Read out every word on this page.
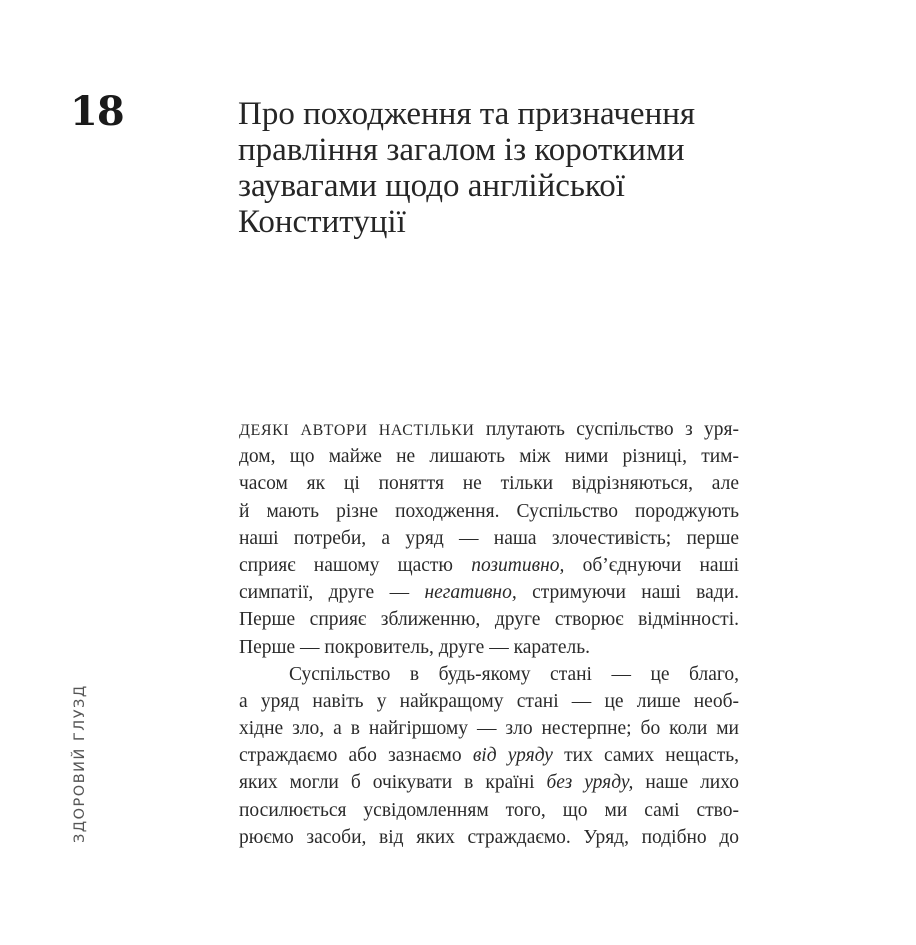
18	Про походження та призначення
правління загалом із короткими
заувагами щодо англійської
Конституції
ЗДОРОВИЙ ГЛУЗД
ДЕЯКІ АВТОРИ НАСТІЛЬКИ плутають суспільство з уря-
дом, що майже не лишають між ними різниці, тим-
часом як ці поняття не тільки відрізняються, але
й мають різне походження. Суспільство породжують
наші потреби, а уряд — наша злочестивість; перше
сприяє нашому щастю позитивно, об’єднуючи наші
симпатії, друге — негативно, стримуючи наші вади.
Перше сприяє зближенню, друге створює відмінності.
Перше — покровитель, друге — каратель.
Суспільство в будь-якому стані — це благо,
а уряд навіть у найкращому стані — це лише необ-
хідне зло, а в найгіршому — зло нестерпне; бо коли ми
страждаємо або зазнаємо від уряду тих самих нещасть,
яких могли б очікувати в країні без уряду, наше лихо
посилюється усвідомленням того, що ми самі ство-
рюємо засоби, від яких страждаємо. Уряд, подібно до
